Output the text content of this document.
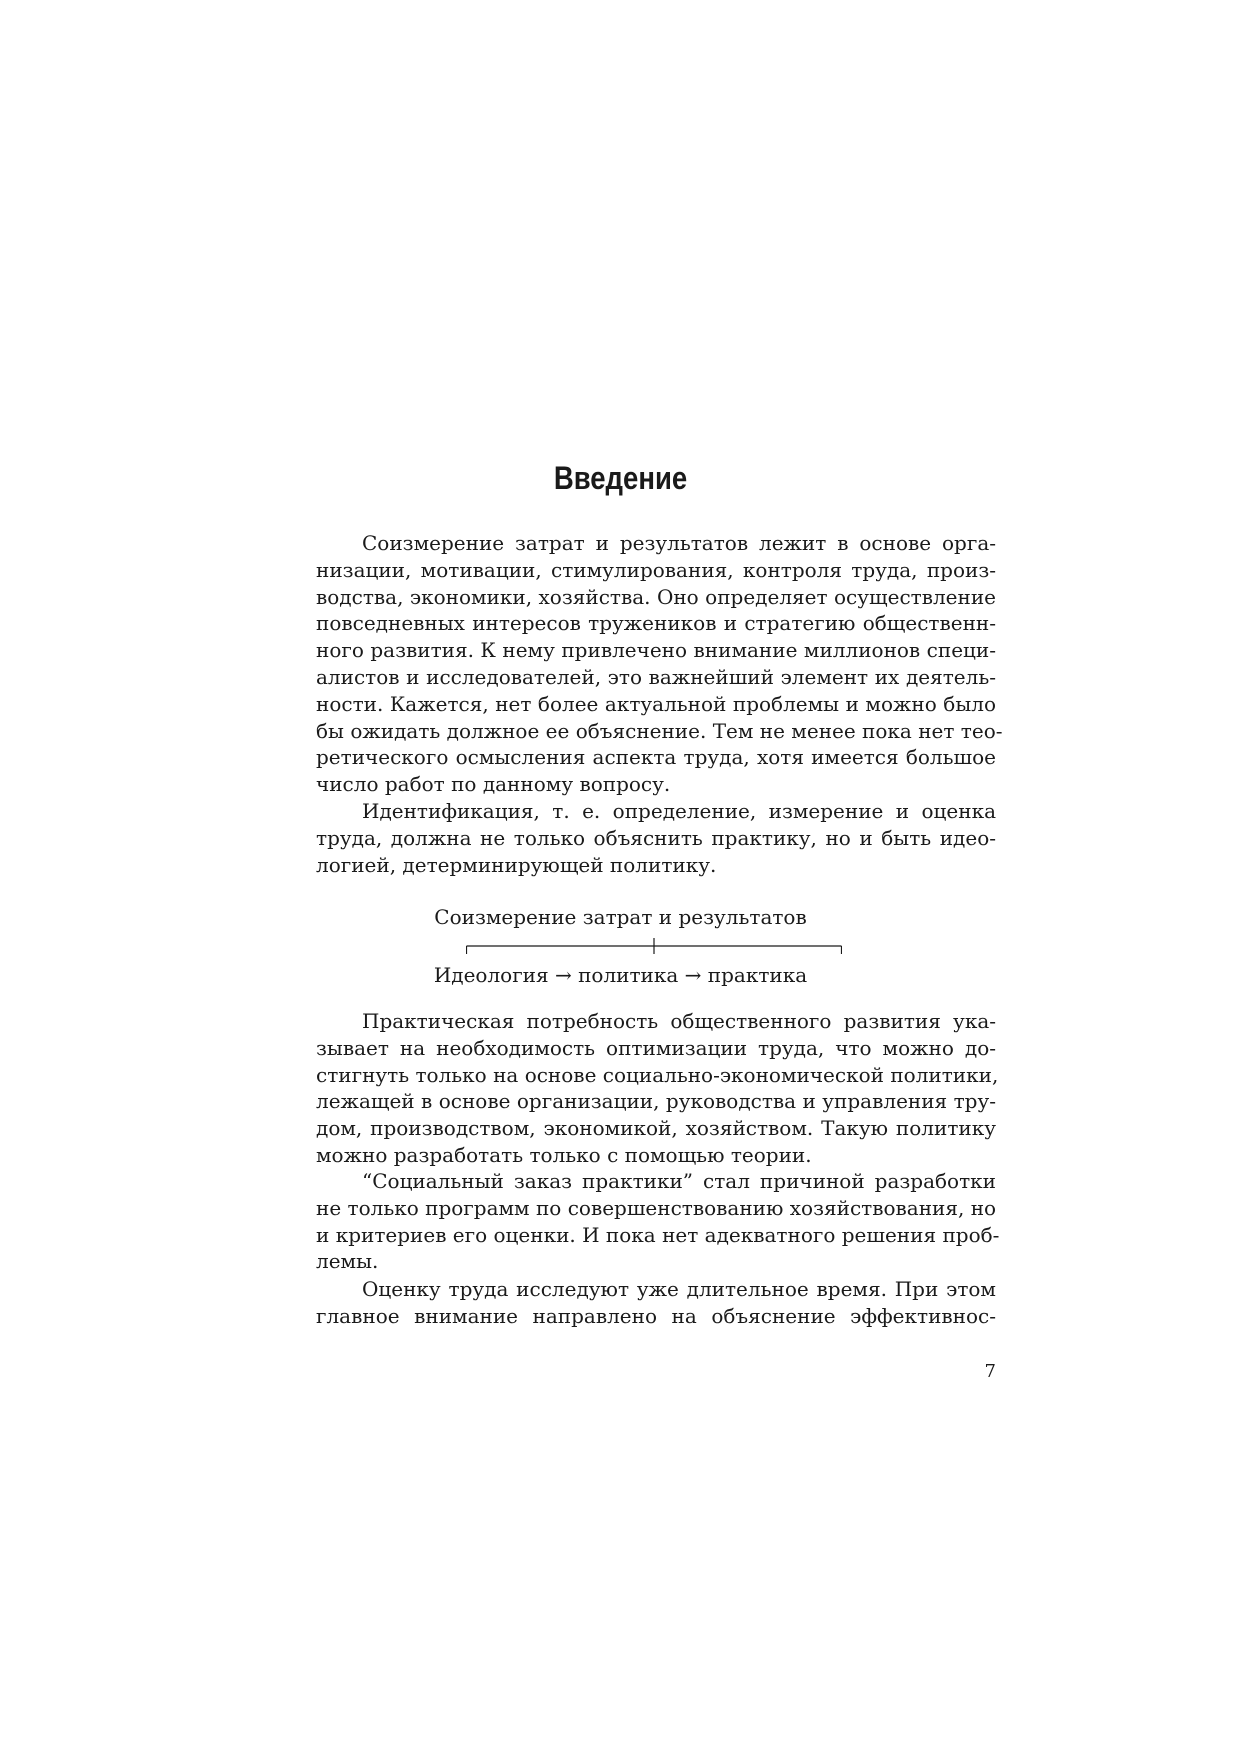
Введение
Соизмерение затрат и результатов лежит в основе орга-
низации, мотивации, стимулирования, контроля труда, произ-
водства, экономики, хозяйства. Оно определяет осуществление
повседневных интересов тружеников и стратегию общественн-
ного развития. К нему привлечено внимание миллионов специ-
алистов и исследователей, это важнейший элемент их деятель-
ности. Кажется, нет более актуальной проблемы и можно было
бы ожидать должное ее объяснение. Тем не менее пока нет тео-
ретического осмысления аспекта труда, хотя имеется большое
число работ по данному вопросу.
Идентификация, т. е. определение, измерение и оценка
труда, должна не только объяснить практику, но и быть идео-
логией, детерминирующей политику.
Соизмерение затрат и результатов
Идеология → политика → практика
Практическая потребность общественного развития ука-
зывает на необходимость оптимизации труда, что можно до-
стигнуть только на основе социально-экономической политики,
лежащей в основе организации, руководства и управления тру-
дом, производством, экономикой, хозяйством. Такую политику
можно разработать только с помощью теории.
“Социальный заказ практики” стал причиной разработки
не только программ по совершенствованию хозяйствования, но
и критериев его оценки. И пока нет адекватного решения проб-
лемы.
Оценку труда исследуют уже длительное время. При этом
главное внимание направлено на объяснение эффективнос-
7
